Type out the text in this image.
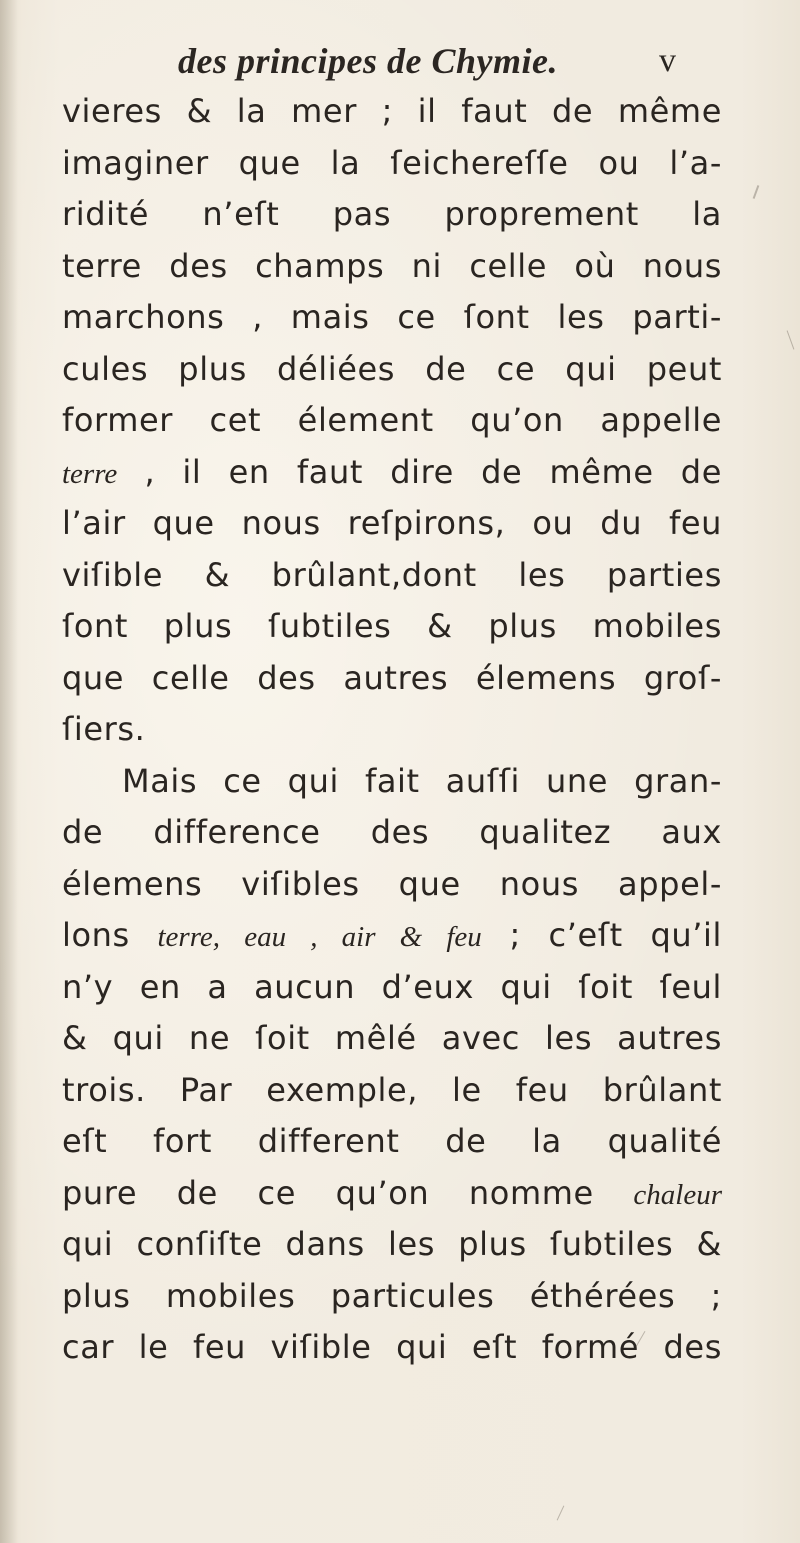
des principes de Chymie.	v
vieres & la mer ; il faut de même
imaginer que la ſeichereſſe ou l’a-
ridité n’eſt pas proprement la
terre des champs ni celle où nous
marchons , mais ce ſont les parti-
cules plus déliées de ce qui peut
former cet élement qu’on appelle
terre , il en faut dire de même de
l’air que nous reſpirons, ou du feu
viſible & brûlant,dont les parties
ſont plus ſubtiles & plus mobiles
que celle des autres élemens groſ-
ſiers.
Mais ce qui fait auſſi une gran-
de difference des qualitez aux
élemens viſibles que nous appel-
lons terre, eau , air & feu ; c’eſt qu’il
n’y en a aucun d’eux qui ſoit ſeul
& qui ne ſoit mêlé avec les autres
trois. Par exemple, le feu brûlant
eſt fort different de la qualité
pure de ce qu’on nomme chaleur
qui conſiſte dans les plus ſubtiles &
plus mobiles particules éthérées ;
car le feu viſible qui eſt formé des
